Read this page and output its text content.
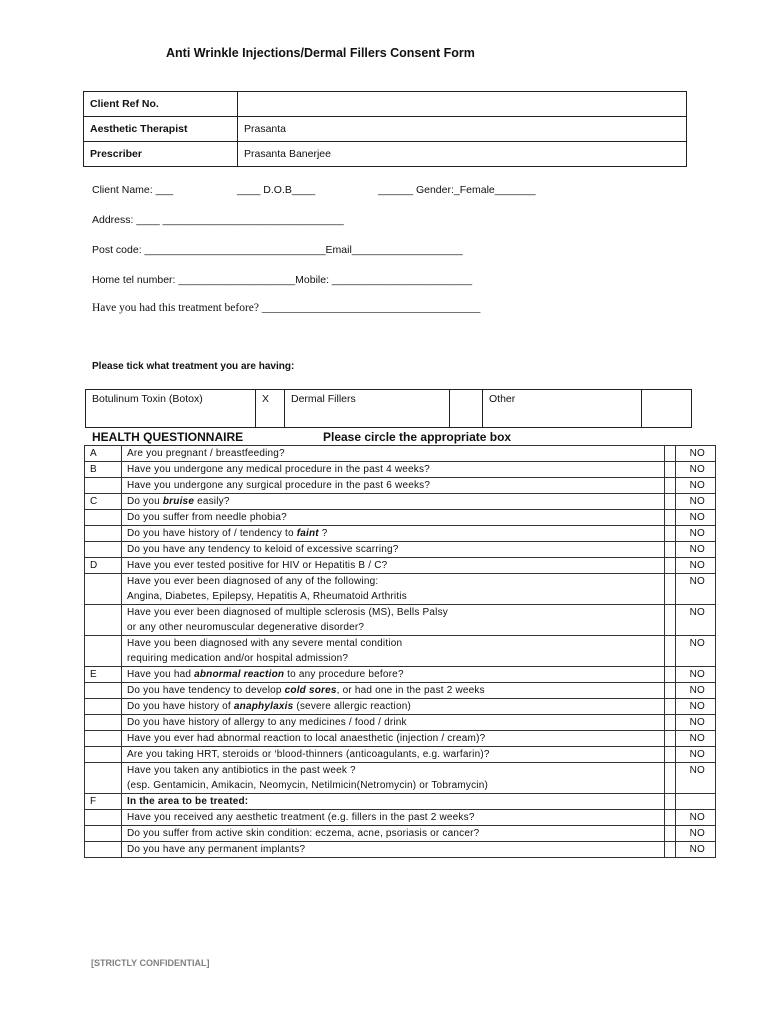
Anti Wrinkle Injections/Dermal Fillers Consent Form
Client Ref No.	
Aesthetic Therapist	Prasanta
Prescriber	Prasanta Banerjee
Client Name: ___	____ D.O.B____	______ Gender:_Female_______
Address: ____ _______________________________
Post code: _______________________________Email___________________
Home tel number: ____________________Mobile: ________________________
Have you had this treatment before? ______________________________________
Please tick what treatment you are having:
Botulinum Toxin (Botox)	X	Dermal Fillers		Other	
HEALTH QUESTIONNAIRE	Please circle the appropriate box
A	Are you pregnant / breastfeeding?		NO
B	Have you undergone any medical procedure in the past 4 weeks?		NO
	Have you undergone any surgical procedure in the past 6 weeks?		NO
C	Do you bruise easily?		NO
	Do you suffer from needle phobia?		NO
	Do you have history of / tendency to faint ?		NO
	Do you have any tendency to keloid of excessive scarring?		NO
D	Have you ever tested positive for HIV or Hepatitis B / C?		NO

	Have you ever been diagnosed of any of the following:
Angina, Diabetes, Epilepsy, Hepatitis A, Rheumatoid Arthritis		NO

	Have you ever been diagnosed of multiple sclerosis (MS), Bells Palsy
or any other neuromuscular degenerative disorder?		NO

	Have you been diagnosed with any severe mental condition
requiring medication and/or hospital admission?		NO
E	Have you had abnormal reaction to any procedure before?		NO
	Do you have tendency to develop cold sores, or had one in the past 2 weeks		NO
	Do you have history of anaphylaxis (severe allergic reaction)		NO
	Do you have history of allergy to any medicines / food / drink		NO
	Have you ever had abnormal reaction to local anaesthetic (injection / cream)?		NO
	Are you taking HRT, steroids or ‘blood-thinners (anticoagulants, e.g. warfarin)?		NO

	Have you taken any antibiotics in the past week ?
(esp. Gentamicin, Amikacin, Neomycin, Netilmicin(Netromycin) or Tobramycin)		NO
F	In the area to be treated:		
	Have you received any aesthetic treatment (e.g. fillers in the past 2 weeks?		NO
	Do you suffer from active skin condition: eczema, acne, psoriasis or cancer?		NO
	Do you have any permanent implants?		NO
[STRICTLY CONFIDENTIAL]
